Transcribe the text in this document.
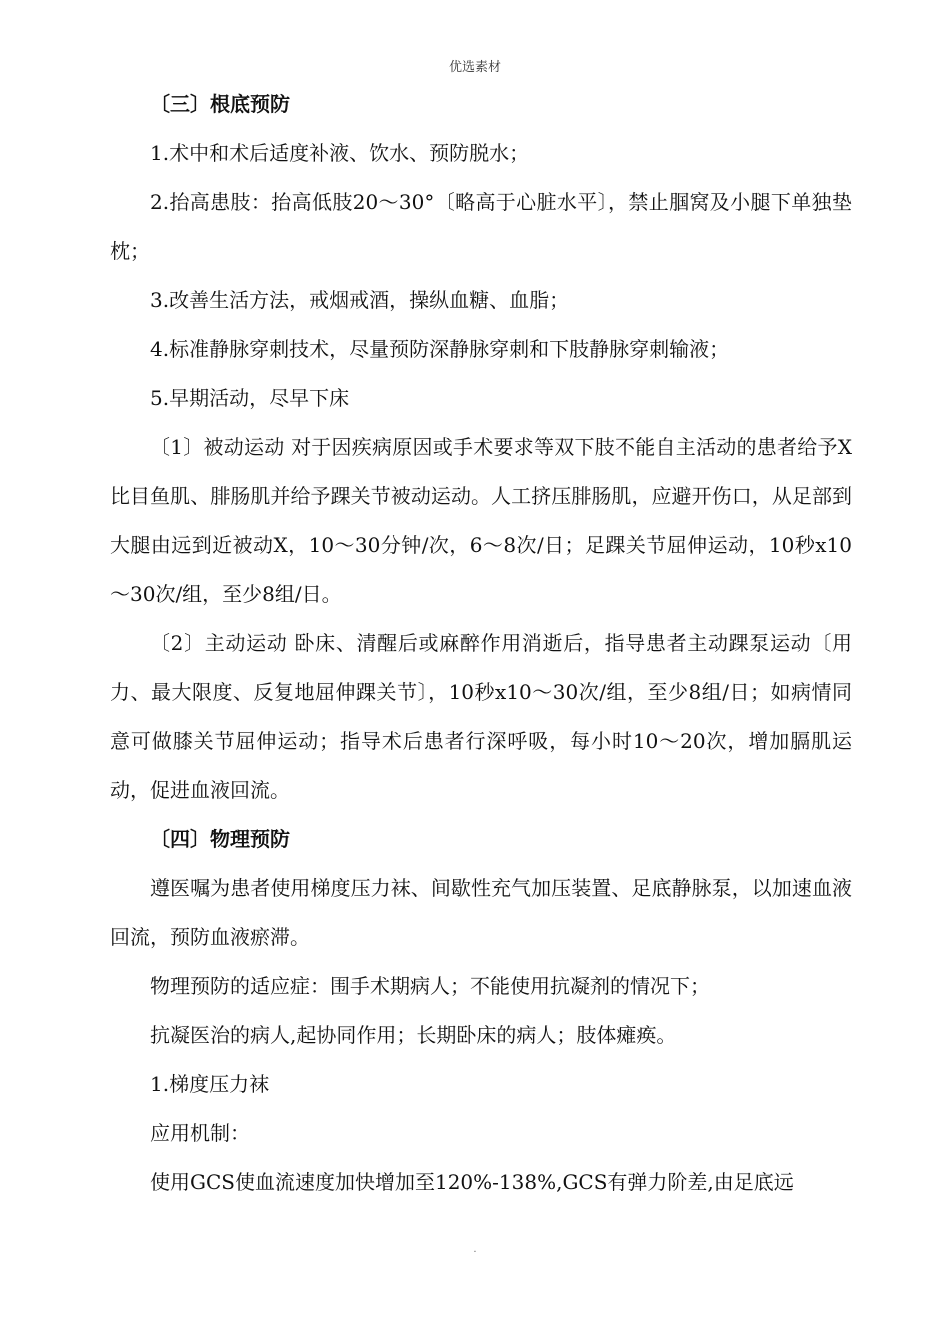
优选素材

〔三〕根底预防

1.术中和术后适度补液、饮水、预防脱水；

2.抬高患肢：抬高低肢20～30°〔略高于心脏水平〕，禁止腘窝及小腿下单独垫枕；

3.改善生活方法，戒烟戒酒，操纵血糖、血脂；

4.标准静脉穿刺技术，尽量预防深静脉穿刺和下肢静脉穿刺输液；

5.早期活动，尽早下床

〔1〕被动运动 对于因疾病原因或手术要求等双下肢不能自主活动的患者给予X比目鱼肌、腓肠肌并给予踝关节被动运动。人工挤压腓肠肌，应避开伤口，从足部到大腿由远到近被动X，10～30分钟/次，6～8次/日；足踝关节屈伸运动，10秒x10～30次/组，至少8组/日。

〔2〕主动运动 卧床、清醒后或麻醉作用消逝后，指导患者主动踝泵运动〔用力、最大限度、反复地屈伸踝关节〕，10秒x10～30次/组，至少8组/日；如病情同意可做膝关节屈伸运动；指导术后患者行深呼吸，每小时10～20次，增加膈肌运动，促进血液回流。

〔四〕物理预防

遵医嘱为患者使用梯度压力袜、间歇性充气加压装置、足底静脉泵，以加速血液回流，预防血液瘀滞。

物理预防的适应症：围手术期病人；不能使用抗凝剂的情况下；

抗凝医治的病人,起协同作用；长期卧床的病人；肢体瘫痪。

1.梯度压力袜

应用机制：

使用GCS使血流速度加快增加至120%-138%,GCS有弹力阶差,由足底远

.
